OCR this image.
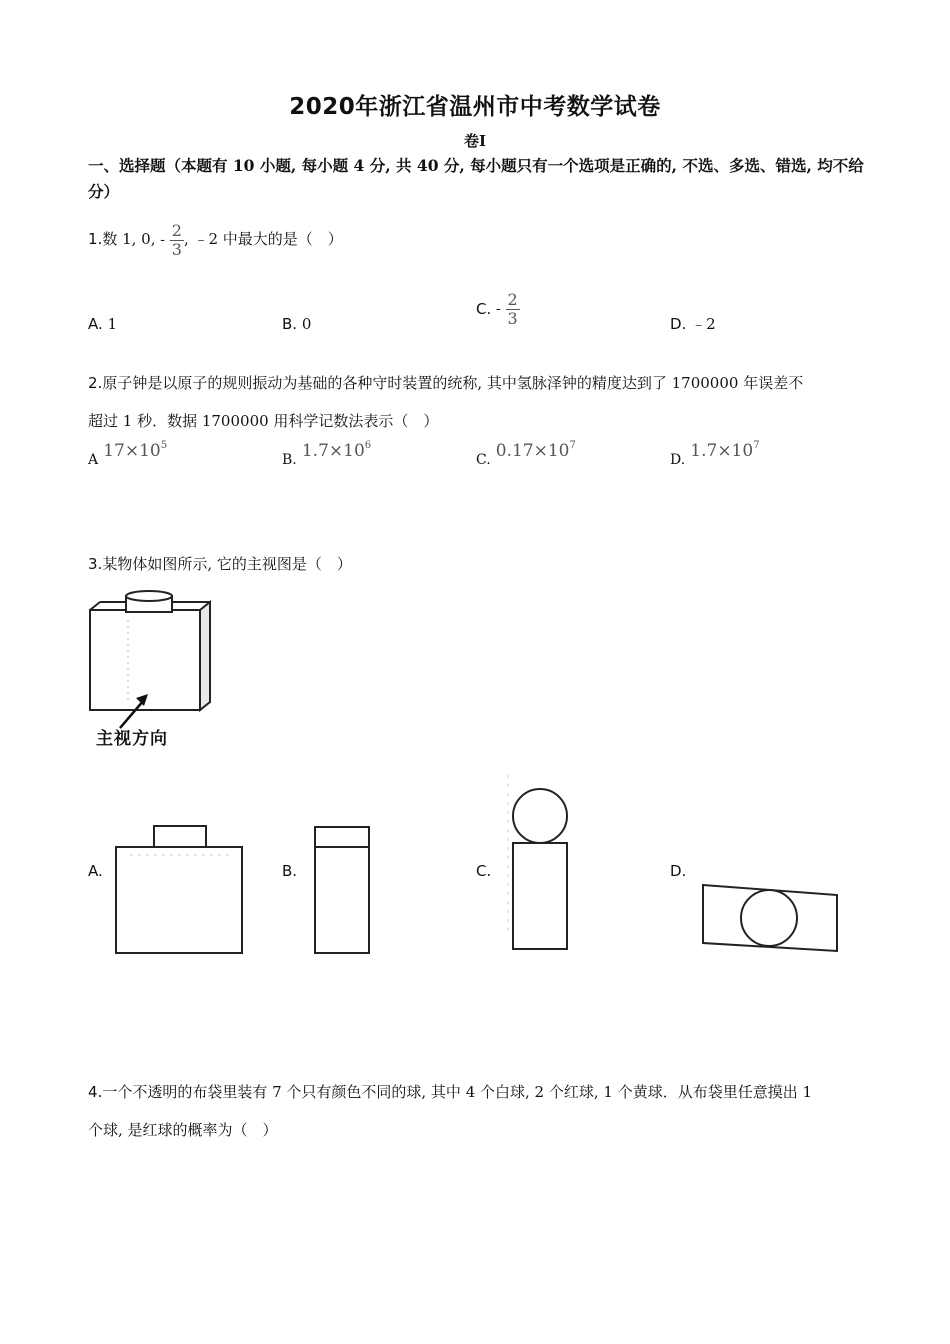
2020年浙江省温州市中考数学试卷
卷I
一、选择题（本题有 10 小题, 每小题 4 分, 共 40 分, 每小题只有一个选项是正确的, 不选、多选、错选, 均不给分）
1.数 1, 0, - $\frac{2}{3}$ , ﹣2 中最大的是（　）
A. 1	B. 0
C. - $\frac{2}{3}$	D. ﹣2
2.原子钟是以原子的规则振动为基础的各种守时装置的统称, 其中氢脉泽钟的精度达到了 1700000 年误差不
超过 1 秒．数据 1700000 用科学记数法表示（　）
A $17\times 10^5$
B. $1.7\times 10^6$
C. $0.17\times 10^7$
D. $1.7\times 10^7$
3.某物体如图所示, 它的主视图是（　）
主视方向
A.	B.	C.	D.
4.一个不透明的布袋里装有 7 个只有颜色不同的球, 其中 4 个白球, 2 个红球, 1 个黄球．从布袋里任意摸出 1
个球, 是红球的概率为（　）
